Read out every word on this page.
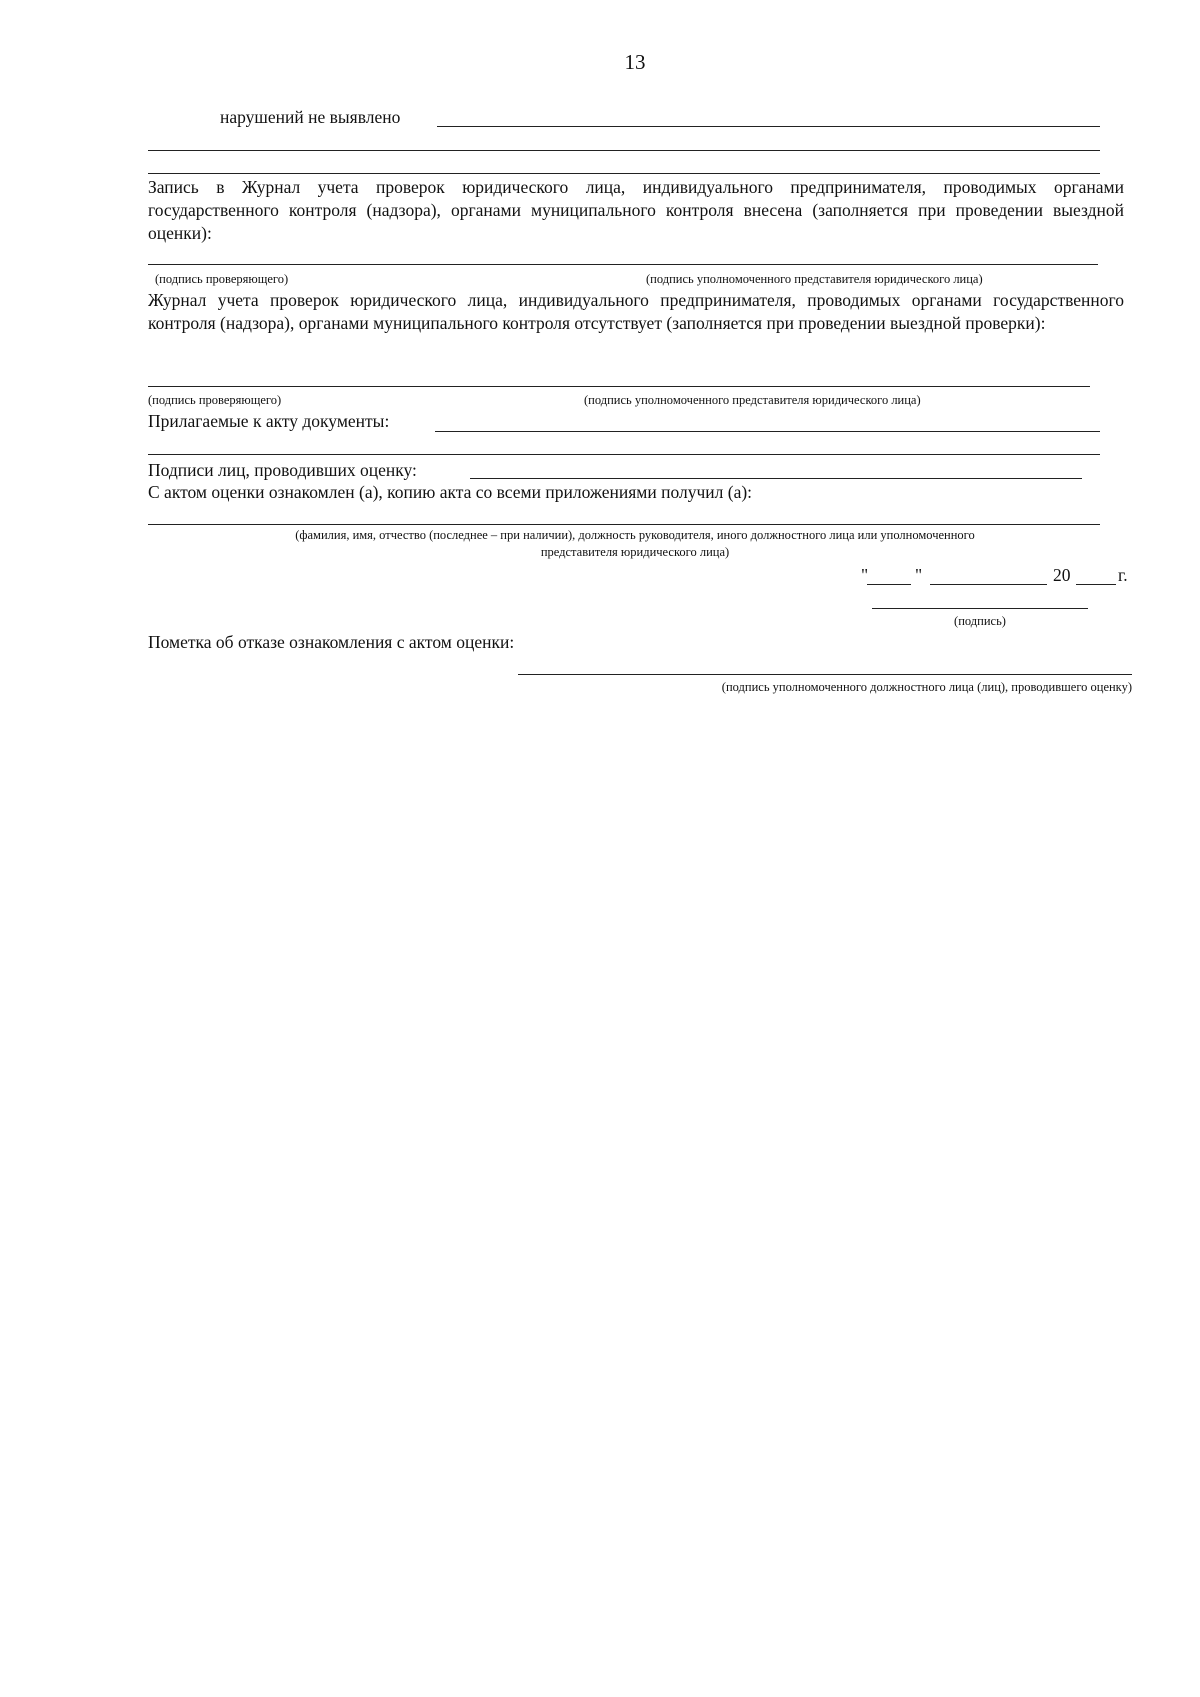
13
нарушений не выявлено
Запись в Журнал учета проверок юридического лица, индивидуального предпринимателя, проводимых органами государственного контроля (надзора), органами муниципального контроля внесена (заполняется при проведении выездной оценки):
(подпись проверяющего)	(подпись уполномоченного представителя юридического лица)
Журнал учета проверок юридического лица, индивидуального предпринимателя, проводимых органами государственного контроля (надзора), органами муниципального контроля отсутствует (заполняется при проведении выездной проверки):
(подпись проверяющего)	(подпись уполномоченного представителя юридического лица)
Прилагаемые к акту документы:
Подписи лиц, проводивших оценку:
С актом оценки ознакомлен (а), копию акта со всеми приложениями получил (а):
(фамилия, имя, отчество (последнее – при наличии), должность руководителя, иного должностного лица или уполномоченного
представителя юридического лица)
"	"	20	г.
(подпись)
Пометка об отказе ознакомления с актом оценки:
(подпись уполномоченного должностного лица (лиц), проводившего оценку)
